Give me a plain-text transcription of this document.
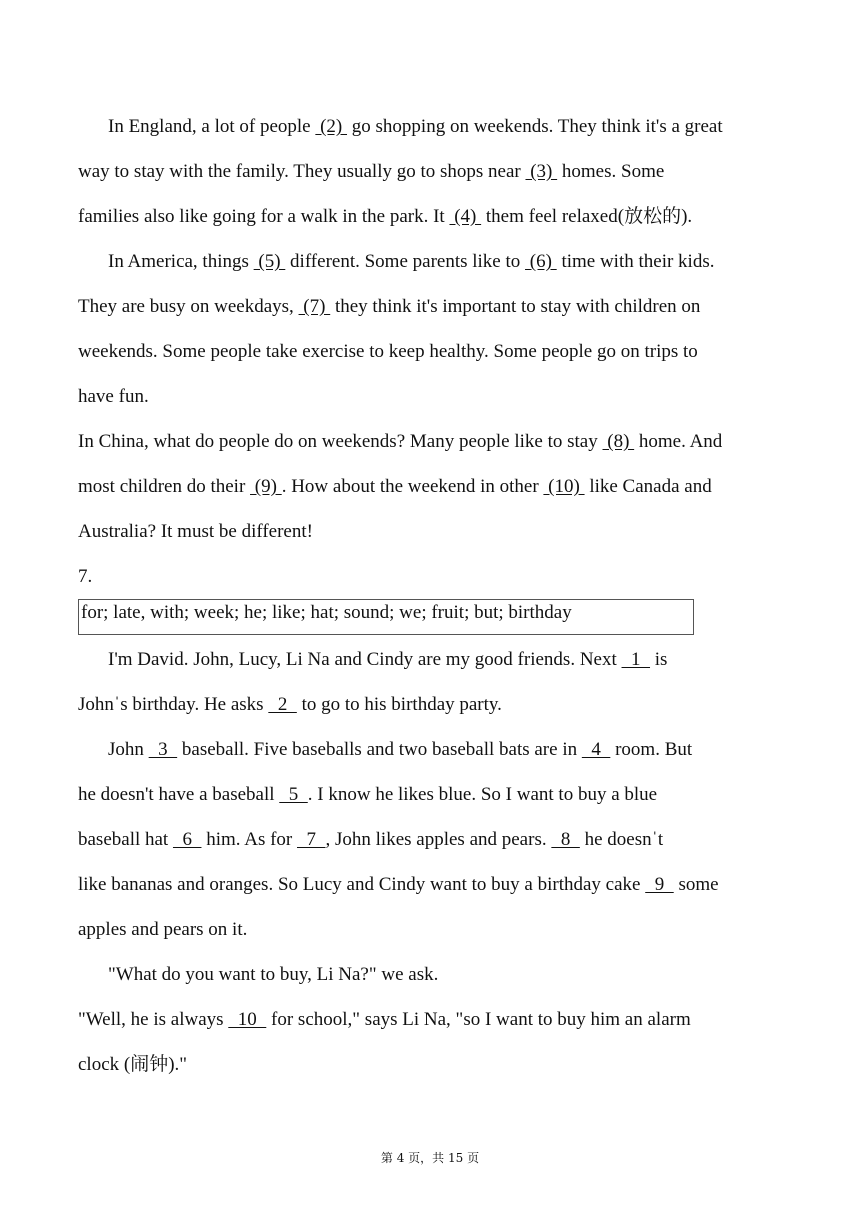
In England, a lot of people  (2)  go shopping on weekends. They think it's a great
way to stay with the family. They usually go to shops near  (3)  homes. Some
families also like going for a walk in the park. It  (4)  them feel relaxed(放松的).
In America, things  (5)  different. Some parents like to  (6)  time with their kids.
They are busy on weekdays,  (7)  they think it's important to stay with children on
weekends. Some people take exercise to keep healthy. Some people go on trips to
have fun.
In China, what do people do on weekends? Many people like to stay  (8)  home. And
most children do their  (9) . How about the weekend in other  (10)  like Canada and
Australia? It must be different!
7.
for; late, with; week; he; like; hat; sound; we; fruit; but; birthday
I'm David. John, Lucy, Li Na and Cindy are my good friends. Next   1   is
Johnˈs birthday. He asks   2   to go to his birthday party.
John   3   baseball. Five baseballs and two baseball bats are in   4   room. But
he doesn't have a baseball   5  . I know he likes blue. So I want to buy a blue
baseball hat   6   him. As for   7  , John likes apples and pears.   8   he doesnˈt
like bananas and oranges. So Lucy and Cindy want to buy a birthday cake   9   some
apples and pears on it.
"What do you want to buy, Li Na?" we ask.
"Well, he is always   10   for school," says Li Na, "so I want to buy him an alarm
clock (闹钟)."
第 4 页，共 15 页
